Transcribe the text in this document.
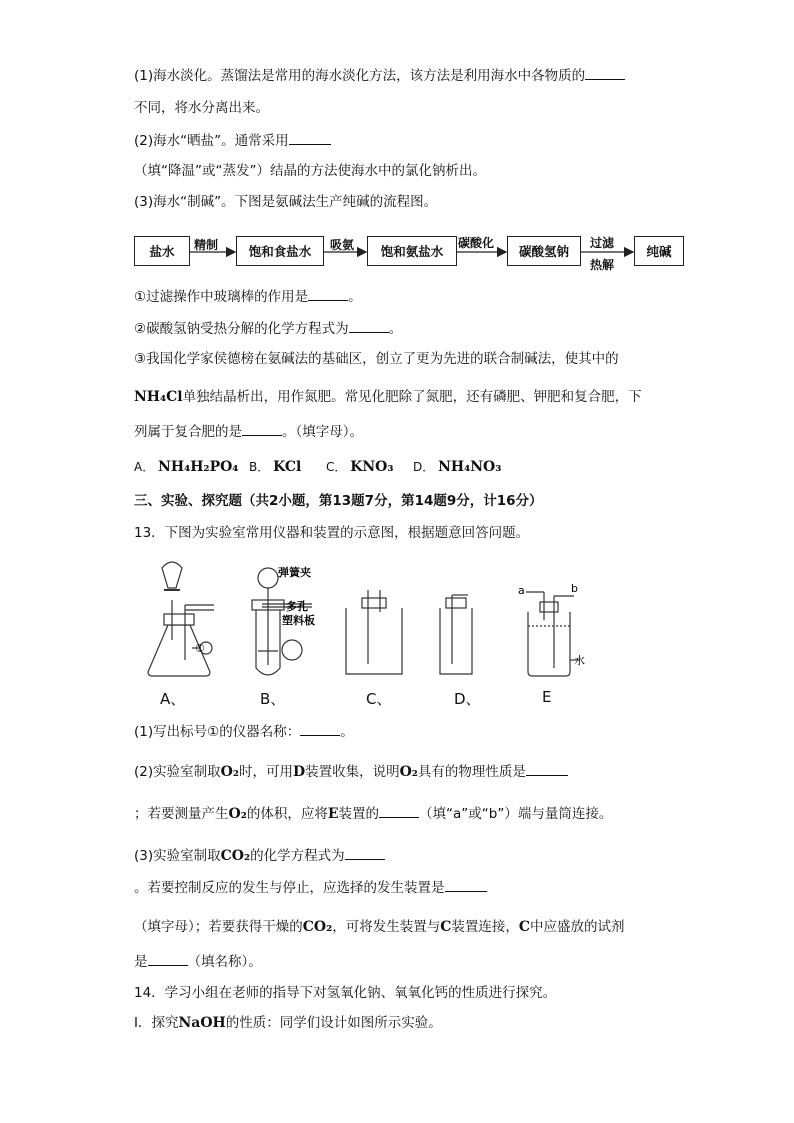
(1)海水淡化。蒸馏法是常用的海水淡化方法，该方法是利用海水中各物质的
不同，将水分离出来。
(2)海水“晒盐”。通常采用
（填“降温”或“蒸发”）结晶的方法使海水中的氯化钠析出。
(3)海水“制碱”。下图是氨碱法生产纯碱的流程图。
盐水	饱和食盐水	饱和氨盐水	碳酸氢钠	纯碱
精制	吸氨	碳酸化	过滤
热解
①过滤操作中玻璃棒的作用是	。
②碳酸氢钠受热分解的化学方程式为	。
③我国化学家侯德榜在氨碱法的基础区，创立了更为先进的联合制碱法，使其中的
NH₄Cl单独结晶析出，用作氮肥。常见化肥除了氮肥，还有磷肥、钾肥和复合肥，下
列属于复合肥的是	。（填字母）。
A． NH₄H₂PO₄ B． KCl C． KNO₃ D． NH₄NO₃
三、实验、探究题（共2小题，第13题7分，第14题9分，计16分）
13．下图为实验室常用仪器和装置的示意图，根据题意回答问题。
①
弹簧夹
多孔
塑料板
a	b
水
A、	B、	C、	D、	E
(1)写出标号①的仪器名称：	。
(2)实验室制取O₂时，可用D装置收集，说明O₂具有的物理性质是
；若要测量产生O₂的体积，应将E装置的	（填“a”或“b”）端与量筒连接。
(3)实验室制取CO₂的化学方程式为
。若要控制反应的发生与停止，应选择的发生装置是
（填字母）；若要获得干燥的CO₂，可将发生装置与C装置连接，C中应盛放的试剂
是	（填名称）。
14．学习小组在老师的指导下对氢氧化钠、氧氧化钙的性质进行探究。
I．探究NaOH的性质：同学们设计如图所示实验。
